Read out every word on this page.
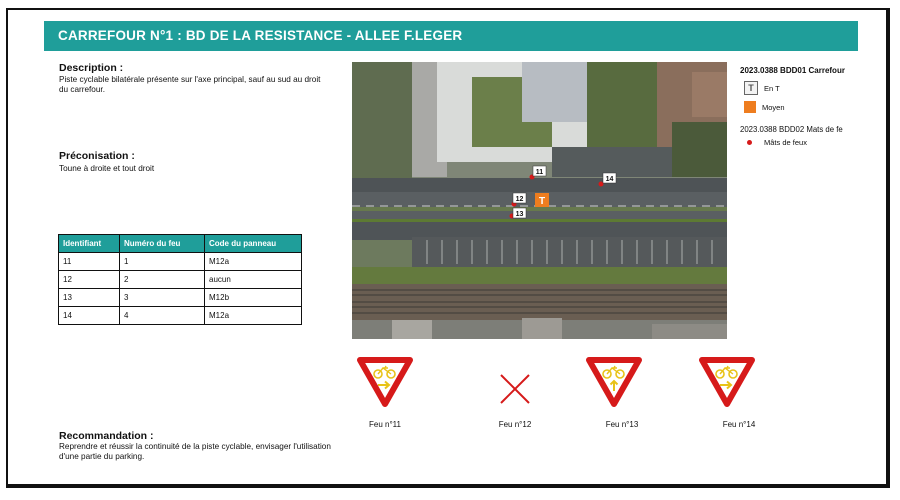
CARREFOUR N°1 : BD DE LA RESISTANCE - ALLEE F.LEGER
Description :
Piste cyclable bilatérale présente sur l'axe principal, sauf au sud au droit du carrefour.
Préconisation :
Toune à droite et tout droit
Identifiant	Numéro du feu	Code du panneau
11	1	M12a
12	2	aucun
13	3	M12b
14	4	M12a
11
12
13
14
T
2023.0388 BDD01 Carrefour
T	En T
Moyen
2023.0388 BDD02 Mats de fe
Mâts de feux
Feu n°11	Feu n°12	Feu n°13	Feu n°14
Recommandation :
Reprendre et réussir la continuité de la piste cyclable, envisager l'utilisation d'une partie du parking.
